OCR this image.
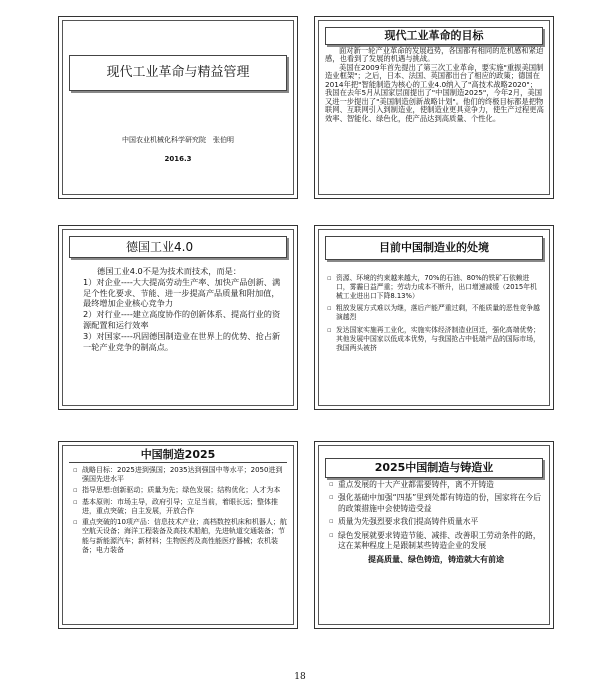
现代工业革命与精益管理
中国农业机械化科学研究院　张伯明
2016.3
现代工业革命的目标
面对新一轮产业革命的发展趋势，各国都有相同的危机感和紧迫感，也看到了发展的机遇与挑战。
美国在2009年首先提出了第三次工业革命，要实施"重振美国制造业框架"；之后，日本、法国、英国都出台了相应的政策；德国在2014年把"智能制造为核心的工业4.0纳入了"高技术战略2020"；我国在去年5月从国家层面提出了"中国制造2025"，今年2月，美国又进一步提出了"美国制造创新战略计划"。他们的终极目标都是把物联网、互联网引入到制造业，使制造业更具竞争力，使生产过程更高效率、智能化、绿色化，使产品达到高质量、个性化。
德国工业4.0
德国工业4.0不是为技术而技术，而是：
1）对企业----大大提高劳动生产率、加快产品创新、满足个性化要求、节能、进一步提高产品质量和附加值，最终增加企业核心竞争力
2）对行业----建立高度协作的创新体系、提高行业的资源配置和运行效率
3）对国家----巩固德国制造业在世界上的优势、抢占新一轮产业竞争的制高点。
目前中国制造业的处境
▫ 资源、环境的约束越来越大，70%的石油、80%的铁矿石依赖进口，雾霾日益严重；劳动力成本不断升，出口增速减缓（2015年机械工业进出口下降8.13%）
▫ 粗放发展方式难以为继，落后产能严重过剩，不能质量的恶性竞争越演越烈
▫ 发达国家实施再工业化，实施实体经济制造业回迁，强化高端优势；其他发展中国家以低成本优势，与我国抢占中低端产品的国际市场，我国两头被挤
中国制造2025
▫ 战略目标：2025进到强国；2035达到强国中等水平；2050进到强国先进水平
▫ 指导思想:创新驱动；质量为先；绿色发展；结构优化；人才为本
▫ 基本原则：市场主导，政府引导；立足当前，着眼长远；整体推进，重点突破；自主发展，开放合作
▫ 重点突破的10项产品：信息技术产业；高档数控机床和机器人；航空航天设备；海洋工程装备及高技术船舶，先进轨道交通装备；节能与新能源汽车；新材料；生物医药及高性能医疗器械；农机装备；电力装备
2025中国制造与铸造业
▫ 重点发展的十大产业都需要铸件，离不开铸造
▫ 强化基础中加强“四基”里到处都有铸造的份，国家将在今后的政策措施中会使铸造受益
▫ 质量为先强烈要求我们提高铸件质量水平
▫ 绿色发展就要求铸造节能、减排、改善职工劳动条件的路，这在某种程度上是跟制某些铸造企业的发展
提高质量、绿色铸造，铸造就大有前途
18
